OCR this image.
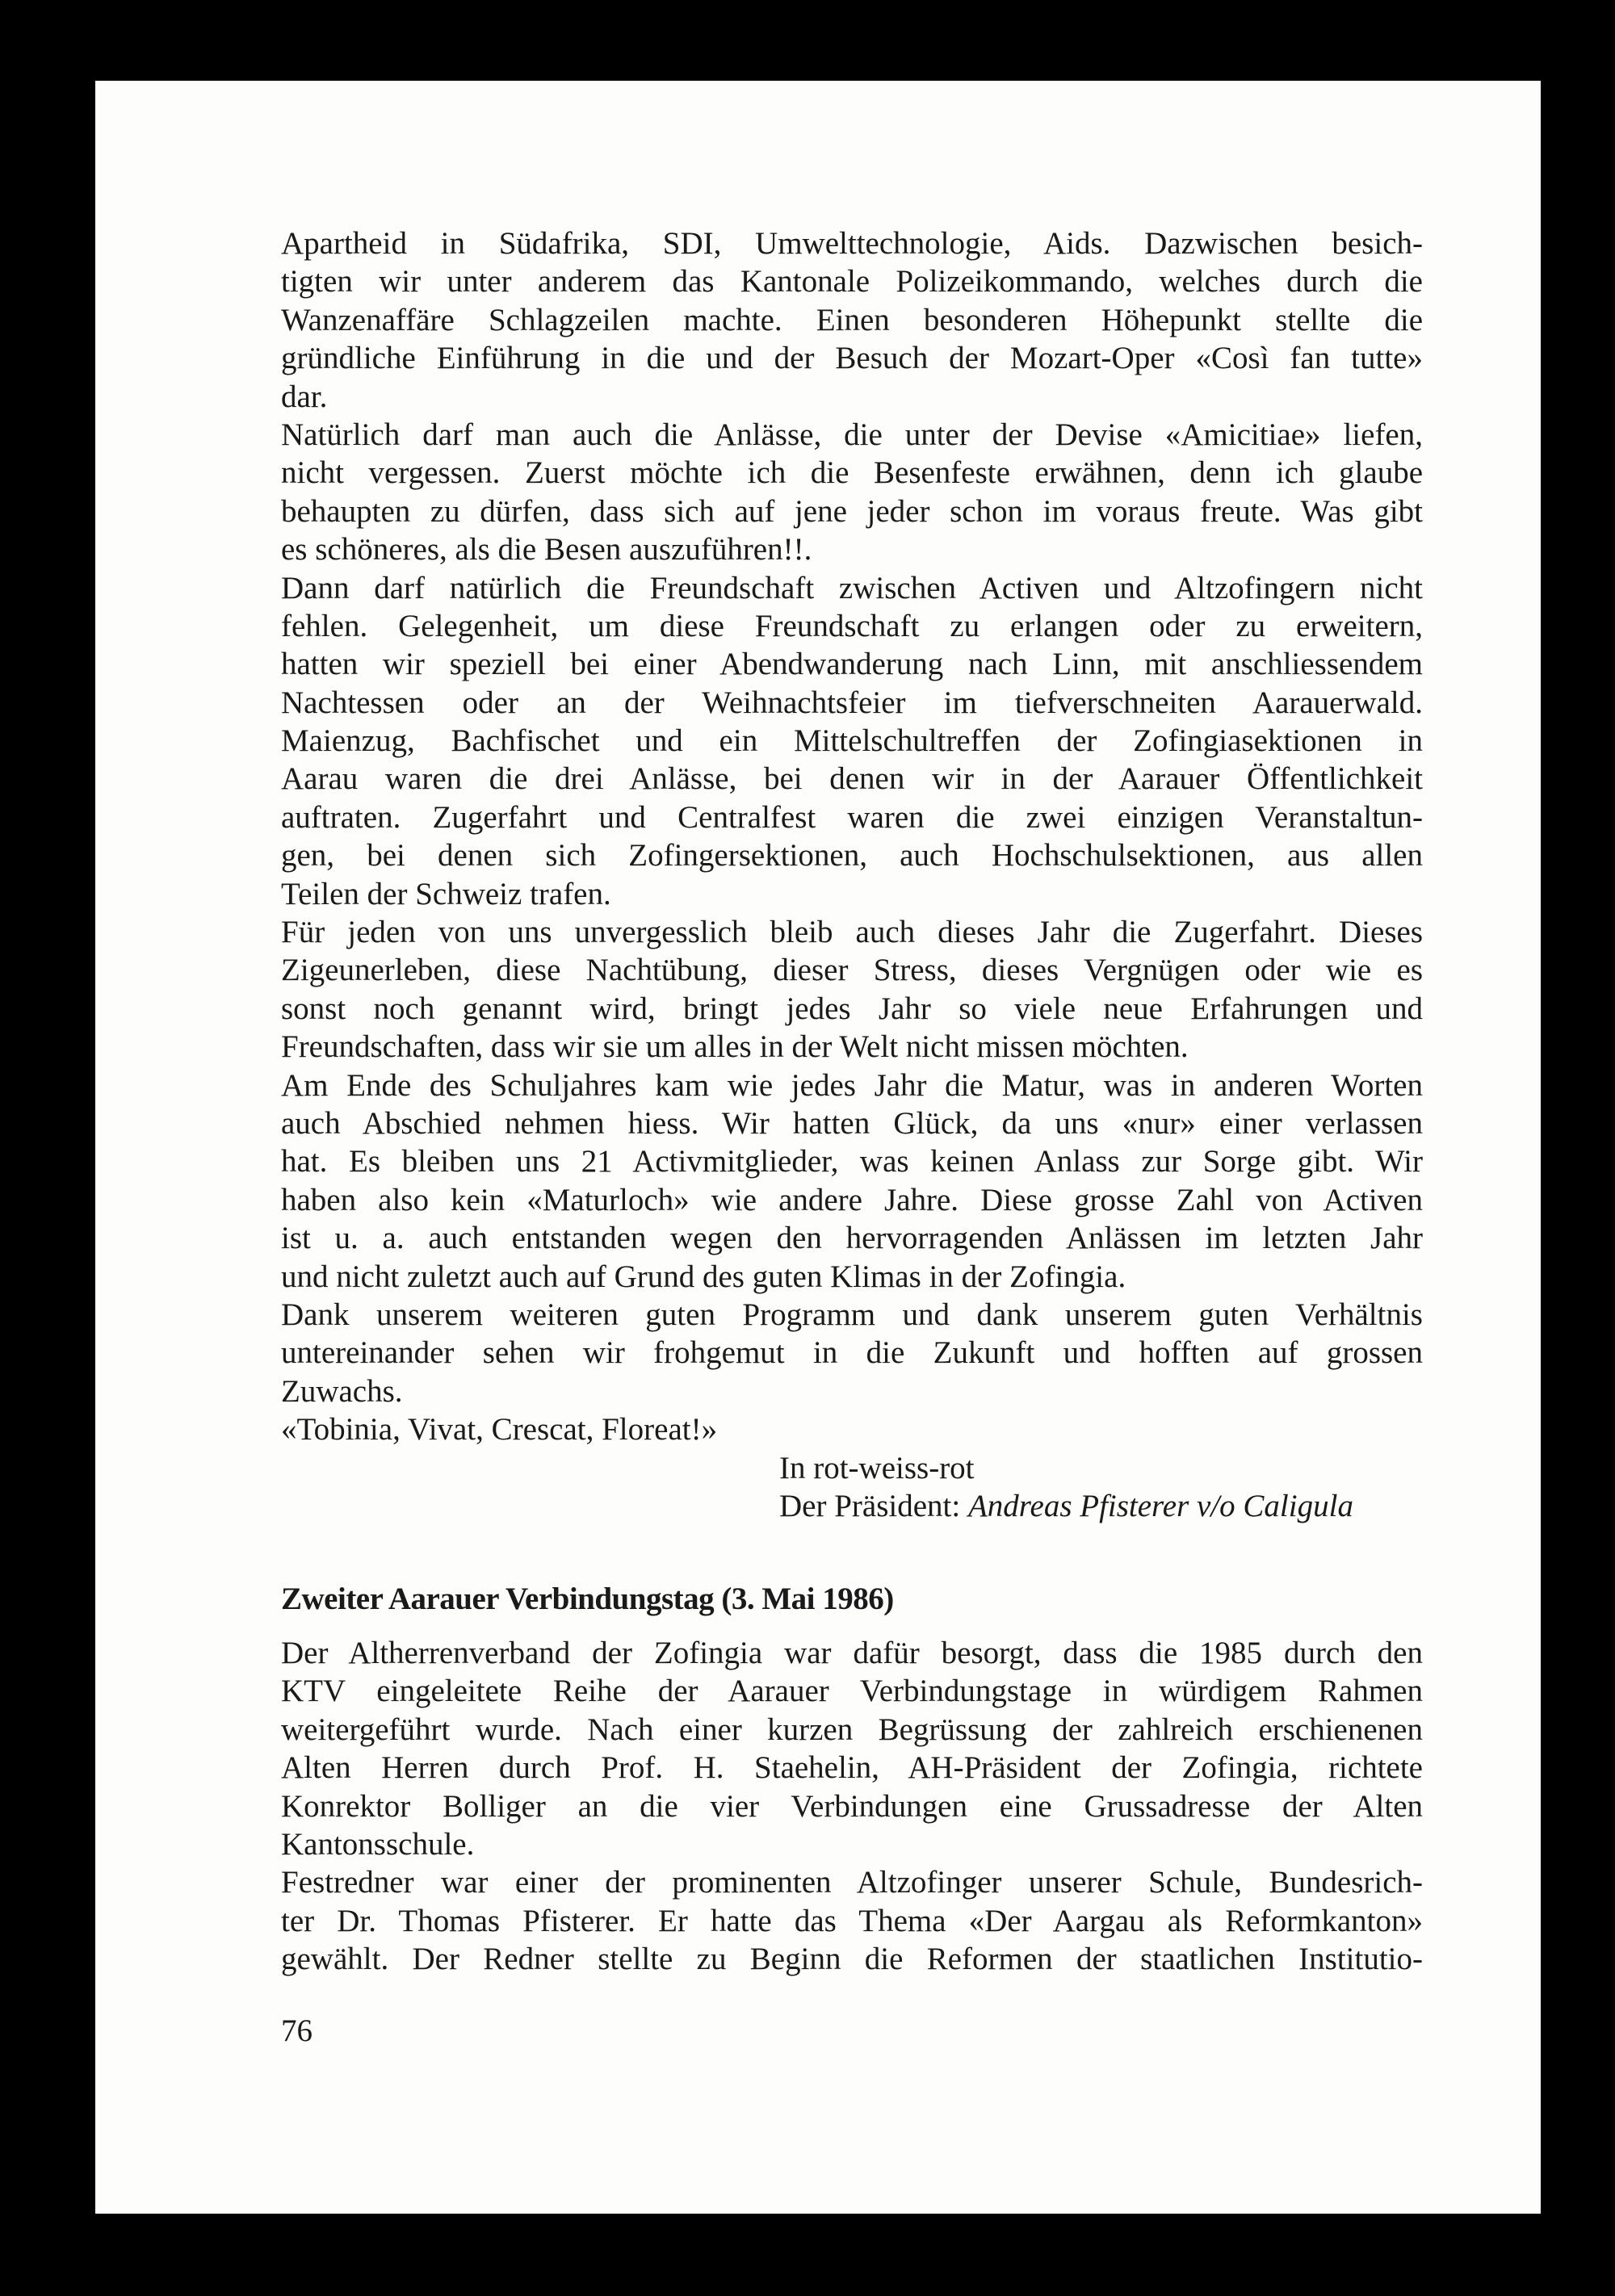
Apartheid in Südafrika, SDI, Umwelttechnologie, Aids. Dazwischen besich-
tigten wir unter anderem das Kantonale Polizeikommando, welches durch die
Wanzenaffäre Schlagzeilen machte. Einen besonderen Höhepunkt stellte die
gründliche Einführung in die und der Besuch der Mozart-Oper «Così fan tutte»
dar.
Natürlich darf man auch die Anlässe, die unter der Devise «Amicitiae» liefen,
nicht vergessen. Zuerst möchte ich die Besenfeste erwähnen, denn ich glaube
behaupten zu dürfen, dass sich auf jene jeder schon im voraus freute. Was gibt
es schöneres, als die Besen auszuführen!!.
Dann darf natürlich die Freundschaft zwischen Activen und Altzofingern nicht
fehlen. Gelegenheit, um diese Freundschaft zu erlangen oder zu erweitern,
hatten wir speziell bei einer Abendwanderung nach Linn, mit anschliessendem
Nachtessen oder an der Weihnachtsfeier im tiefverschneiten Aarauerwald.
Maienzug, Bachfischet und ein Mittelschultreffen der Zofingiasektionen in
Aarau waren die drei Anlässe, bei denen wir in der Aarauer Öffentlichkeit
auftraten. Zugerfahrt und Centralfest waren die zwei einzigen Veranstaltun-
gen, bei denen sich Zofingersektionen, auch Hochschulsektionen, aus allen
Teilen der Schweiz trafen.
Für jeden von uns unvergesslich bleib auch dieses Jahr die Zugerfahrt. Dieses
Zigeunerleben, diese Nachtübung, dieser Stress, dieses Vergnügen oder wie es
sonst noch genannt wird, bringt jedes Jahr so viele neue Erfahrungen und
Freundschaften, dass wir sie um alles in der Welt nicht missen möchten.
Am Ende des Schuljahres kam wie jedes Jahr die Matur, was in anderen Worten
auch Abschied nehmen hiess. Wir hatten Glück, da uns «nur» einer verlassen
hat. Es bleiben uns 21 Activmitglieder, was keinen Anlass zur Sorge gibt. Wir
haben also kein «Maturloch» wie andere Jahre. Diese grosse Zahl von Activen
ist u. a. auch entstanden wegen den hervorragenden Anlässen im letzten Jahr
und nicht zuletzt auch auf Grund des guten Klimas in der Zofingia.
Dank unserem weiteren guten Programm und dank unserem guten Verhältnis
untereinander sehen wir frohgemut in die Zukunft und hofften auf grossen
Zuwachs.
«Tobinia, Vivat, Crescat, Floreat!»
In rot-weiss-rot
Der Präsident: Andreas Pfisterer v/o Caligula
Zweiter Aarauer Verbindungstag (3. Mai 1986)
Der Altherrenverband der Zofingia war dafür besorgt, dass die 1985 durch den
KTV eingeleitete Reihe der Aarauer Verbindungstage in würdigem Rahmen
weitergeführt wurde. Nach einer kurzen Begrüssung der zahlreich erschienenen
Alten Herren durch Prof. H. Staehelin, AH-Präsident der Zofingia, richtete
Konrektor Bolliger an die vier Verbindungen eine Grussadresse der Alten
Kantonsschule.
Festredner war einer der prominenten Altzofinger unserer Schule, Bundesrich-
ter Dr. Thomas Pfisterer. Er hatte das Thema «Der Aargau als Reformkanton»
gewählt. Der Redner stellte zu Beginn die Reformen der staatlichen Institutio-
76
